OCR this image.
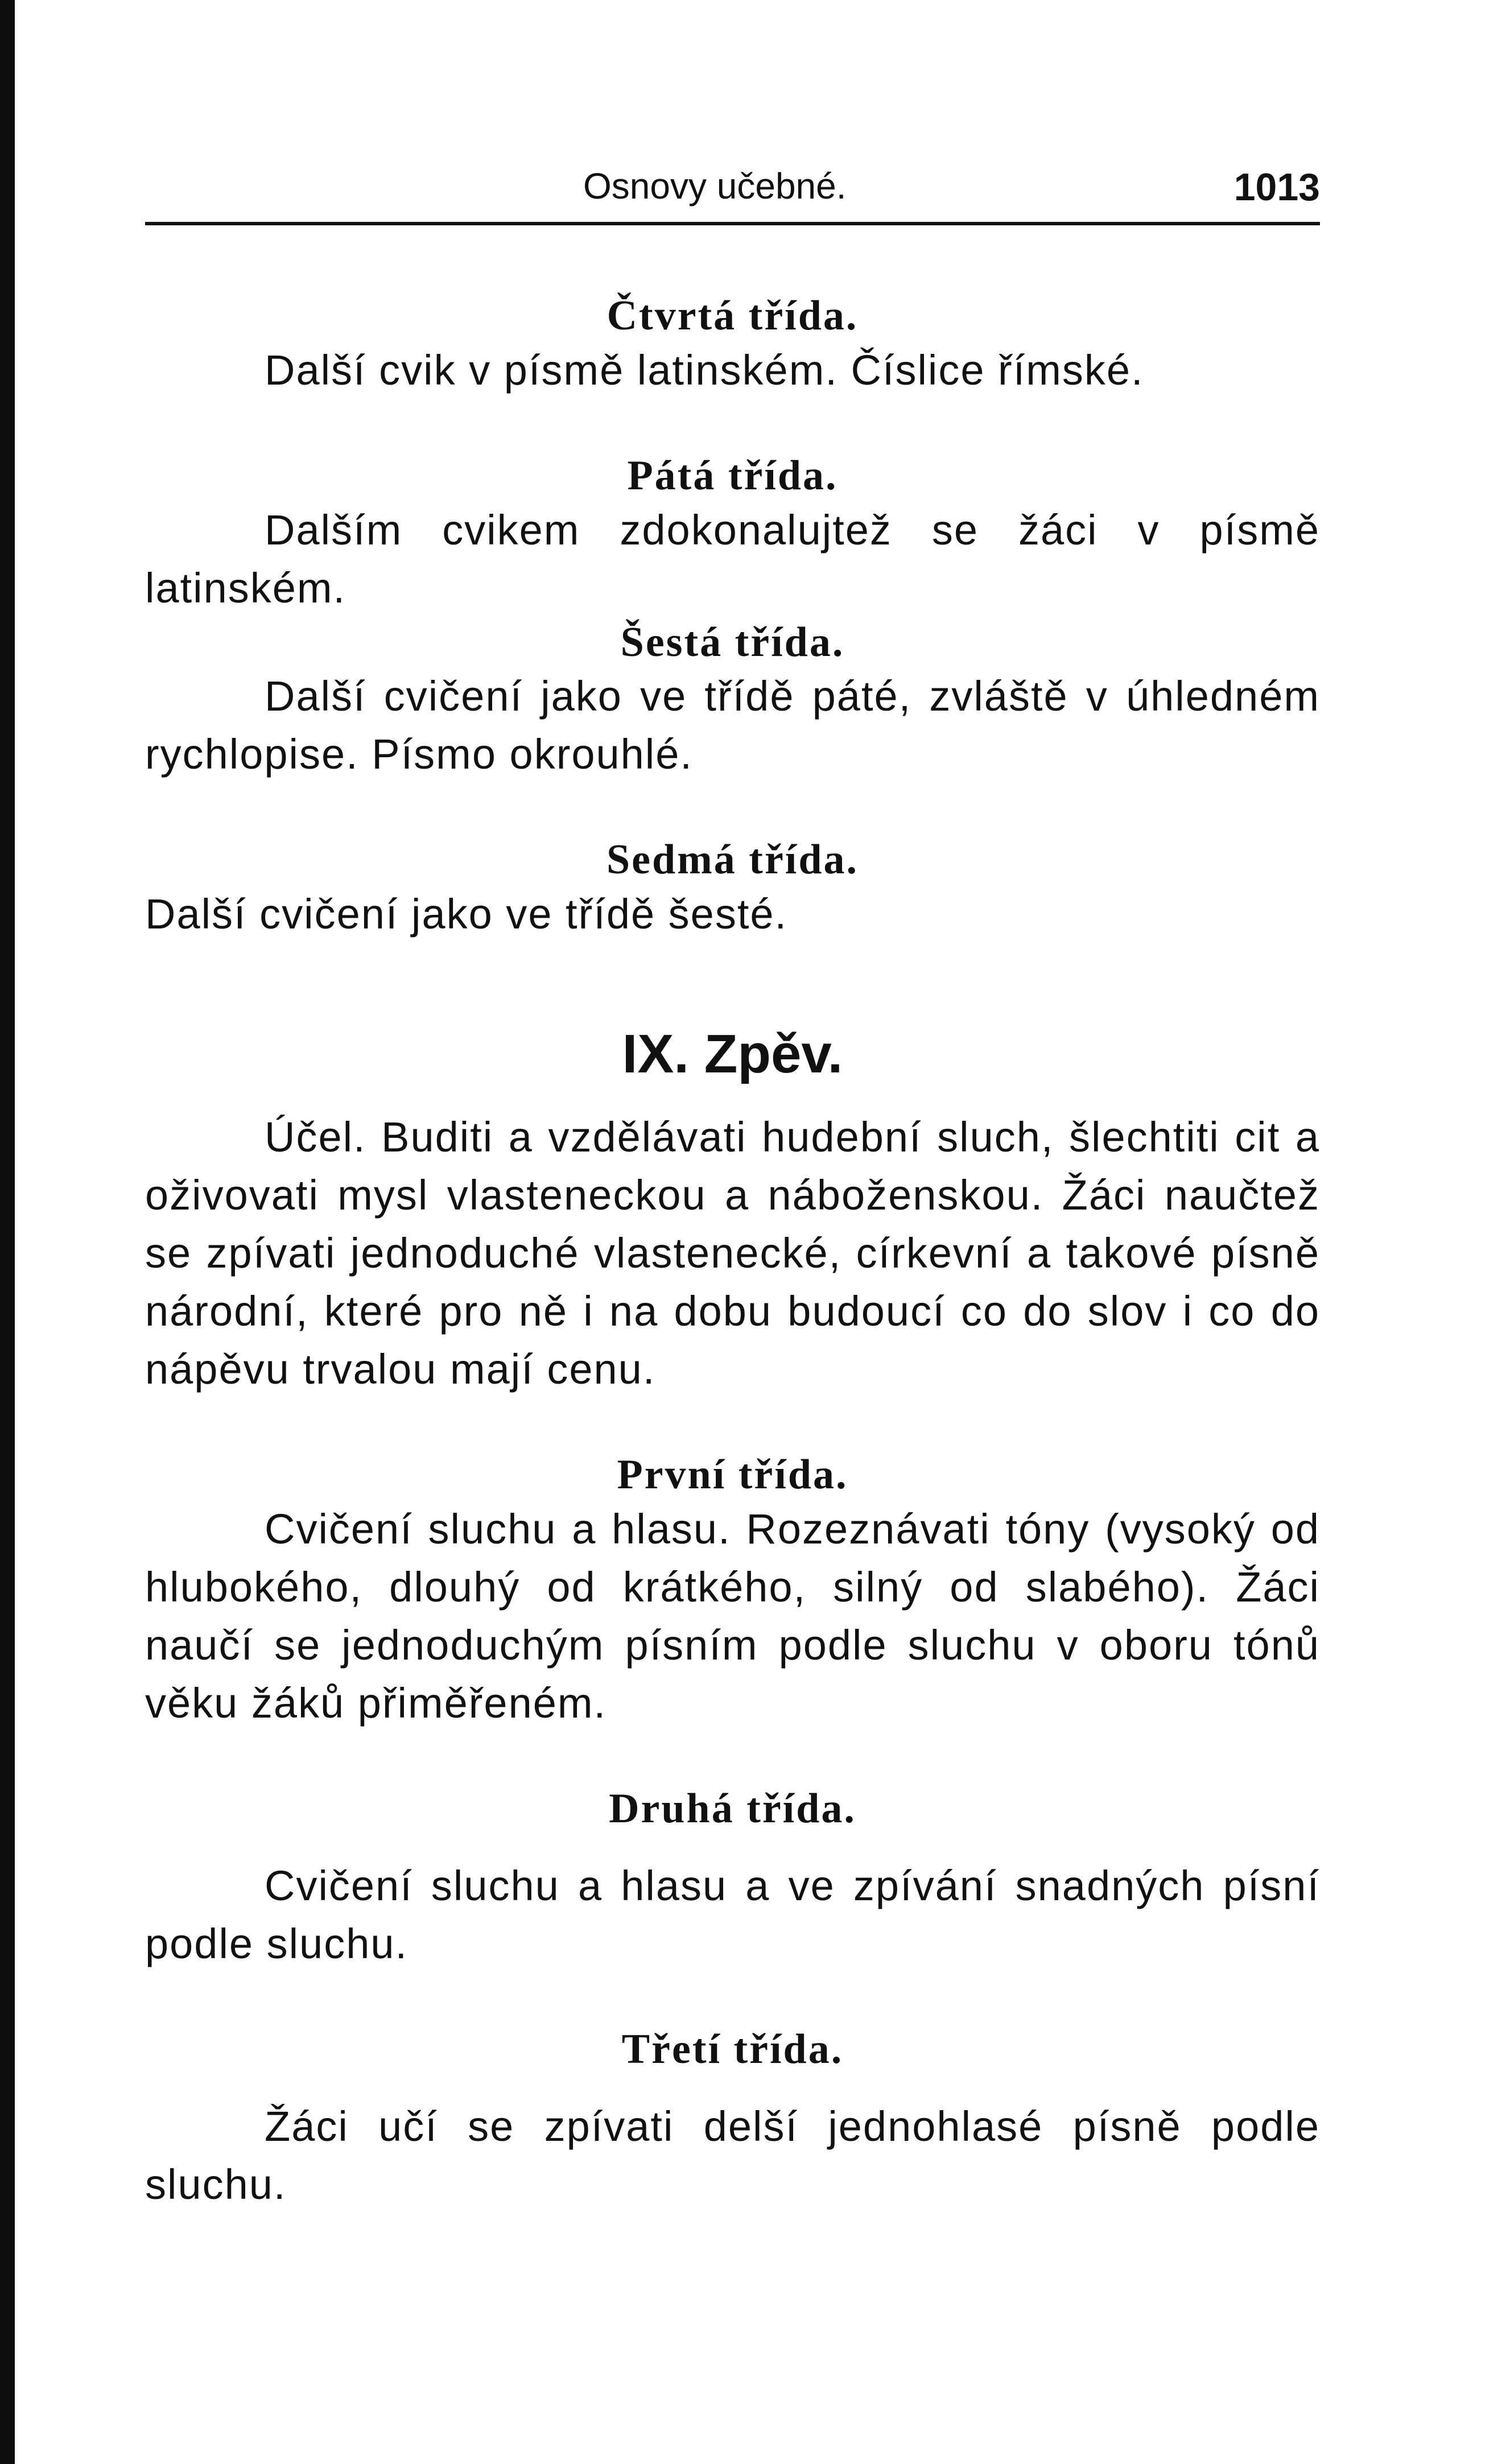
Osnovy učebné.	1013
Čtvrtá třída.

Další cvik v písmě latinském. Číslice římské.

Pátá třída.

Dalším cvikem zdokonalujtež se žáci v písmě latinském.

Šestá třída.

Další cvičení jako ve třídě páté, zvláště v úhledném rychlopise. Písmo okrouhlé.

Sedmá třída.

Další cvičení jako ve třídě šesté.

IX. Zpěv.

Účel. Buditi a vzdělávati hudební sluch, šlechtiti cit a oživovati mysl vlasteneckou a náboženskou. Žáci naučtež se zpívati jednoduché vlastenecké, církevní a takové písně národní, které pro ně i na dobu budoucí co do slov i co do nápěvu trvalou mají cenu.

První třída.

Cvičení sluchu a hlasu. Rozeznávati tóny (vysoký od hlubokého, dlouhý od krátkého, silný od slabého). Žáci naučí se jednoduchým písním podle sluchu v oboru tónů věku žáků přiměřeném.

Druhá třída.

Cvičení sluchu a hlasu a ve zpívání snadných písní podle sluchu.

Třetí třída.

Žáci učí se zpívati delší jednohlasé písně podle sluchu.
